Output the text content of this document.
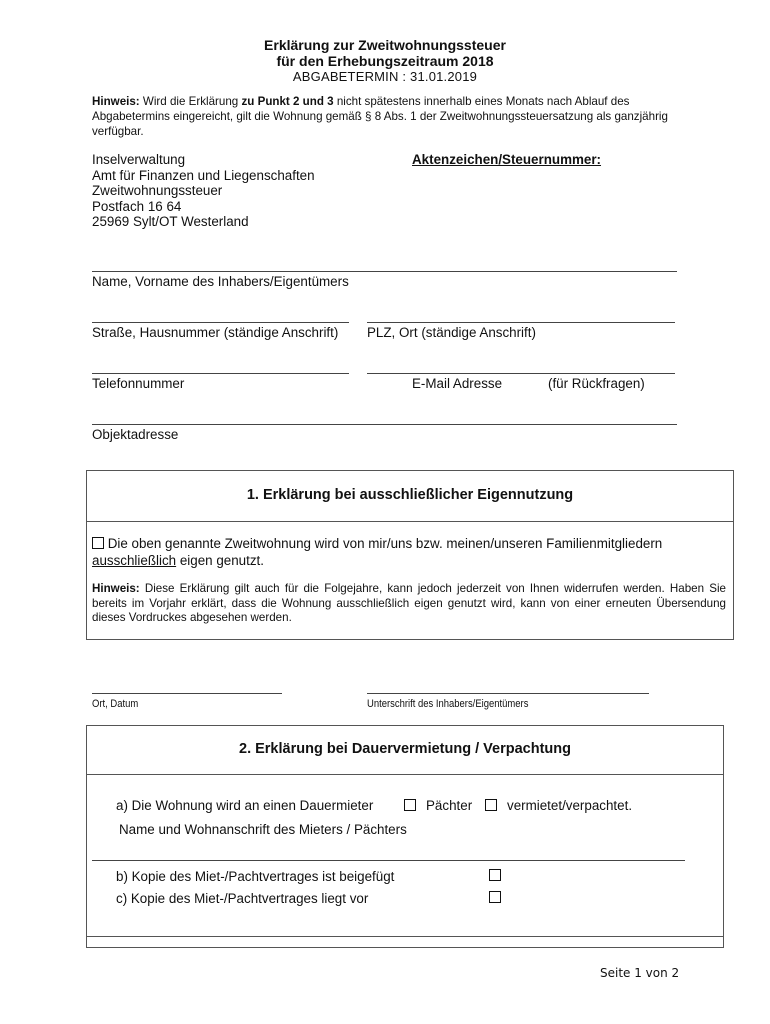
Erklärung zur Zweitwohnungssteuer
für den Erhebungszeitraum 2018
ABGABETERMIN : 31.01.2019
Hinweis: Wird die Erklärung zu Punkt 2 und 3 nicht spätestens innerhalb eines Monats nach Ablauf des Abgabetermins eingereicht, gilt die Wohnung gemäß § 8 Abs. 1 der Zweitwohnungssteuersatzung als ganzjährig verfügbar.
Inselverwaltung
Amt für Finanzen und Liegenschaften
Zweitwohnungssteuer
Postfach 16 64
25969 Sylt/OT Westerland
Aktenzeichen/Steuernummer:
Name, Vorname des Inhabers/Eigentümers
Straße, Hausnummer (ständige Anschrift) PLZ, Ort (ständige Anschrift)
Telefonnummer	E-Mail Adresse	(für Rückfragen)
Objektadresse
1. Erklärung bei ausschließlicher Eigennutzung
Die oben genannte Zweitwohnung wird von mir/uns bzw. meinen/unseren Familienmitgliedern
ausschließlich eigen genutzt.
Hinweis: Diese Erklärung gilt auch für die Folgejahre, kann jedoch jederzeit von Ihnen widerrufen werden. Haben Sie bereits im Vorjahr erklärt, dass die Wohnung ausschließlich eigen genutzt wird, kann von einer erneuten Übersendung dieses Vordruckes abgesehen werden.
Ort, Datum	Unterschrift des Inhabers/Eigentümers
2. Erklärung bei Dauervermietung / Verpachtung
a) Die Wohnung wird an einen Dauermieter	Pächter	vermietet/verpachtet.
Name und Wohnanschrift des Mieters / Pächters
b) Kopie des Miet-/Pachtvertrages ist beigefügt
c) Kopie des Miet-/Pachtvertrages liegt vor
Seite 1 von 2
